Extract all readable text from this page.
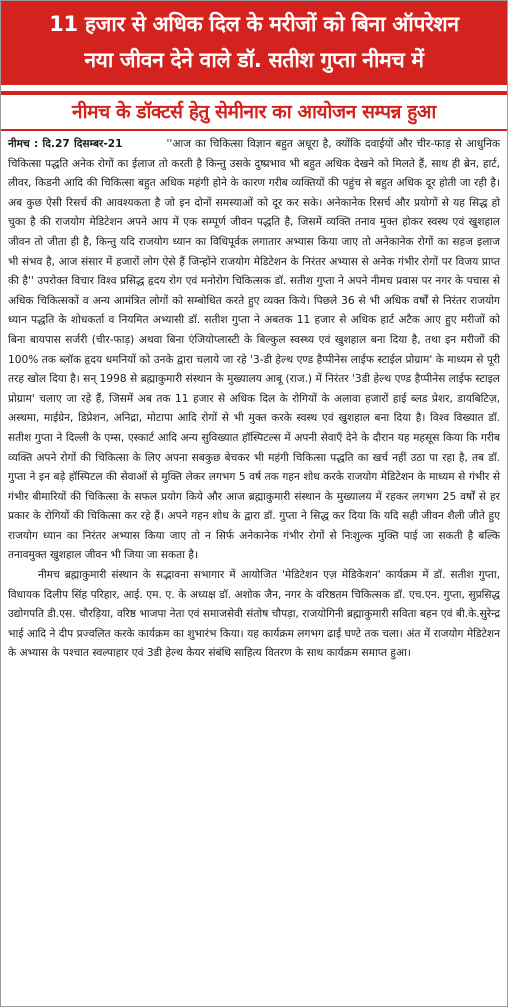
11 हजार से अधिक दिल के मरीजों को बिना ऑपरेशन
नया जीवन देने वाले डॉ. सतीश गुप्ता नीमच में
नीमच के डॉक्टर्स हेतु सेमीनार का आयोजन सम्पन्न हुआ

नीमच : दि.27 दिसम्बर-21	''आज का चिकित्सा विज्ञान बहुत अधूरा है, क्योंकि दवाईयों और चीर-फाड़ से आधुनिक चिकित्सा पद्धति अनेक रोगों का ईलाज तो करती है किन्तु उसके दुष्प्रभाव भी बहुत अधिक देखने को मिलते हैं, साथ ही ब्रेन, हार्ट, लीवर, किडनी आदि की चिकित्सा बहुत अधिक महंगी होने के कारण गरीब व्यक्तियों की पहुंच से बहुत अधिक दूर होती जा रही है। अब कुछ ऐसी रिसर्च की आवश्यकता है जो इन दोनों समस्याओं को दूर कर सके। अनेकानेक रिसर्च और प्रयोगों से यह सिद्ध हो चुका है की राजयोग मेडिटेशन अपने आप में एक सम्पूर्ण जीवन पद्धति है, जिसमें व्यक्ति तनाव मुक्त होकर स्वस्थ एवं खुशहाल जीवन तो जीता ही है, किन्तु यदि राजयोग ध्यान का विधिपूर्वक लगातार अभ्यास किया जाए तो अनेकानेक रोगों का सहज इलाज भी संभव है, आज संसार में हजारों लोग ऐसे हैं जिन्होंने राजयोग मेडिटेशन के निरंतर अभ्यास से अनेक गंभीर रोगों पर विजय प्राप्त की है'' उपरोक्त विचार विश्व प्रसिद्ध हृदय रोग एवं मनोरोग चिकित्सक डॉ. सतीश गुप्ता ने अपने नीमच प्रवास पर नगर के पचास से अधिक चिकित्सकों व अन्य आमंत्रित लोगों को सम्बोधित करते हुए व्यक्त किये। पिछले 36 से भी अधिक वर्षों से निरंतर राजयोग ध्यान पद्धति के शोधकर्ता व नियमित अभ्यासी डॉ. सतीश गुप्ता ने अबतक 11 हजार से अधिक हार्ट अटैक आए हुए मरीजों को बिना बायपास सर्जरी (चीर-फाड़) अथवा बिना एंजियोप्लास्टी के बिल्कुल स्वस्थ्य एवं खुशहाल बना दिया है, तथा इन मरीजों की 100% तक ब्लॉक हृदय धमनियों को उनके द्वारा चलाये जा रहे '3-डी हेल्थ एण्ड हैप्पीनेस लाईफ स्टाईल प्रोग्राम' के माध्यम से पूरी तरह खोल दिया है। सन् 1998 से ब्रह्माकुमारी संस्थान के मुख्यालय आबू (राज.) में निरंतर '3डी हेल्थ एण्ड हैप्पीनेस लाईफ स्टाइल प्रोग्राम' चलाए जा रहे हैं, जिसमें अब तक 11 हजार से अधिक दिल के रोगियों के अलावा हजारों हाई ब्लड प्रेशर, डायबिटिज़, अस्थमा, माईग्रेन, डिप्रेशन, अनिद्रा, मोटापा आदि रोगों से भी मुक्त करके स्वस्थ एवं खुशहाल बना दिया है। विश्व विख्यात डॉ. सतीश गुप्ता ने दिल्ली के एम्स, एस्कार्ट आदि अन्य सुविख्यात हॉस्पिटल्स में अपनी सेवाएँ देने के दौरान यह महसूस किया कि गरीब व्यक्ति अपने रोगों की चिकित्सा के लिए अपना सबकुछ बेचकर भी महंगी चिकित्सा पद्धति का खर्च नहीं उठा पा रहा है, तब डॉ. गुप्ता ने इन बड़े हॉस्पिटल की सेवाओं से मुक्ति लेकर लगभग 5 वर्ष तक गहन शोध करके राजयोग मेडिटेशन के माध्यम से गंभीर से गंभीर बीमारियों की चिकित्सा के सफल प्रयोग किये और आज ब्रह्माकुमारी संस्थान के मुख्यालय में रहकर लगभग 25 वर्षों से हर प्रकार के रोगियों की चिकित्सा कर रहे हैं। अपने गहन शोध के द्वारा डॉ. गुप्ता ने सिद्ध कर दिया कि यदि सही जीवन शैली जीते हुए राजयोग ध्यान का निरंतर अभ्यास किया जाए तो न सिर्फ अनेकानेक गंभीर रोगों से निःशुल्क मुक्ति पाई जा सकती है बल्कि तनावमुक्त खुशहाल जीवन भी जिया जा सकता है।

नीमच ब्रह्माकुमारी संस्थान के सद्भावना सभागार में आयोजित 'मेडिटेशन एज़ मेडिकेशन' कार्यक्रम में डॉ. सतीश गुप्ता, विधायक दिलीप सिंह परिहार, आई. एम. ए. के अध्यक्ष डॉ. अशोक जैन, नगर के वरिष्ठतम चिकित्सक डॉ. एच.एन. गुप्ता, सुप्रसिद्ध उद्योगपति डी.एस. चौरड़िया, वरिष्ठ भाजपा नेता एवं समाजसेवी संतोष चौपड़ा, राजयोगिनी ब्रह्माकुमारी सविता बहन एवं बी.के.सुरेन्द्र भाई आदि ने दीप प्रज्वलित करके कार्यक्रम का शुभारंभ किया। यह कार्यक्रम लगभग ढाई घण्टे तक चला। अंत में राजयोग मेडिटेशन के अभ्यास के पश्चात स्वल्पाहार एवं 3डी हेल्थ केयर संबंधि साहित्य वितरण के साथ कार्यक्रम समाप्त हुआ।
